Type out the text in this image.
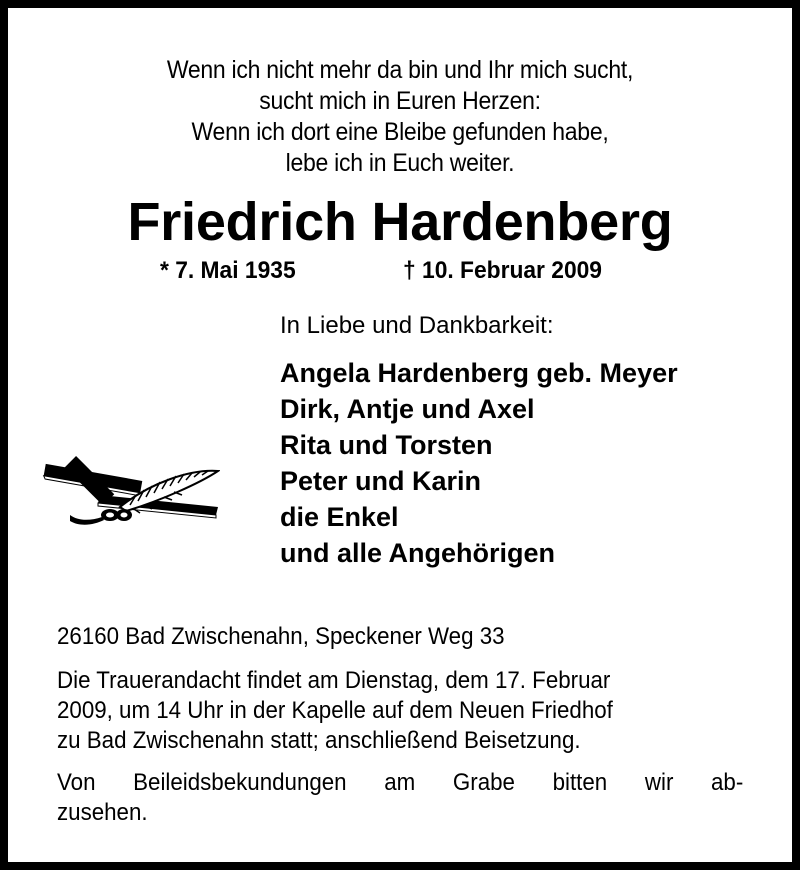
Wenn ich nicht mehr da bin und Ihr mich sucht,
sucht mich in Euren Herzen:
Wenn ich dort eine Bleibe gefunden habe,
lebe ich in Euch weiter.
Friedrich Hardenberg
* 7. Mai 1935	† 10. Februar 2009
In Liebe und Dankbarkeit:
Angela Hardenberg geb. Meyer
Dirk, Antje und Axel
Rita und Torsten
Peter und Karin
die Enkel
und alle Angehörigen
26160 Bad Zwischenahn, Speckener Weg 33
Die Trauerandacht findet am Dienstag, dem 17. Februar
2009, um 14 Uhr in der Kapelle auf dem Neuen Friedhof
zu Bad Zwischenahn statt; anschließend Beisetzung.
Von Beileidsbekundungen am Grabe bitten wir ab-
zusehen.
